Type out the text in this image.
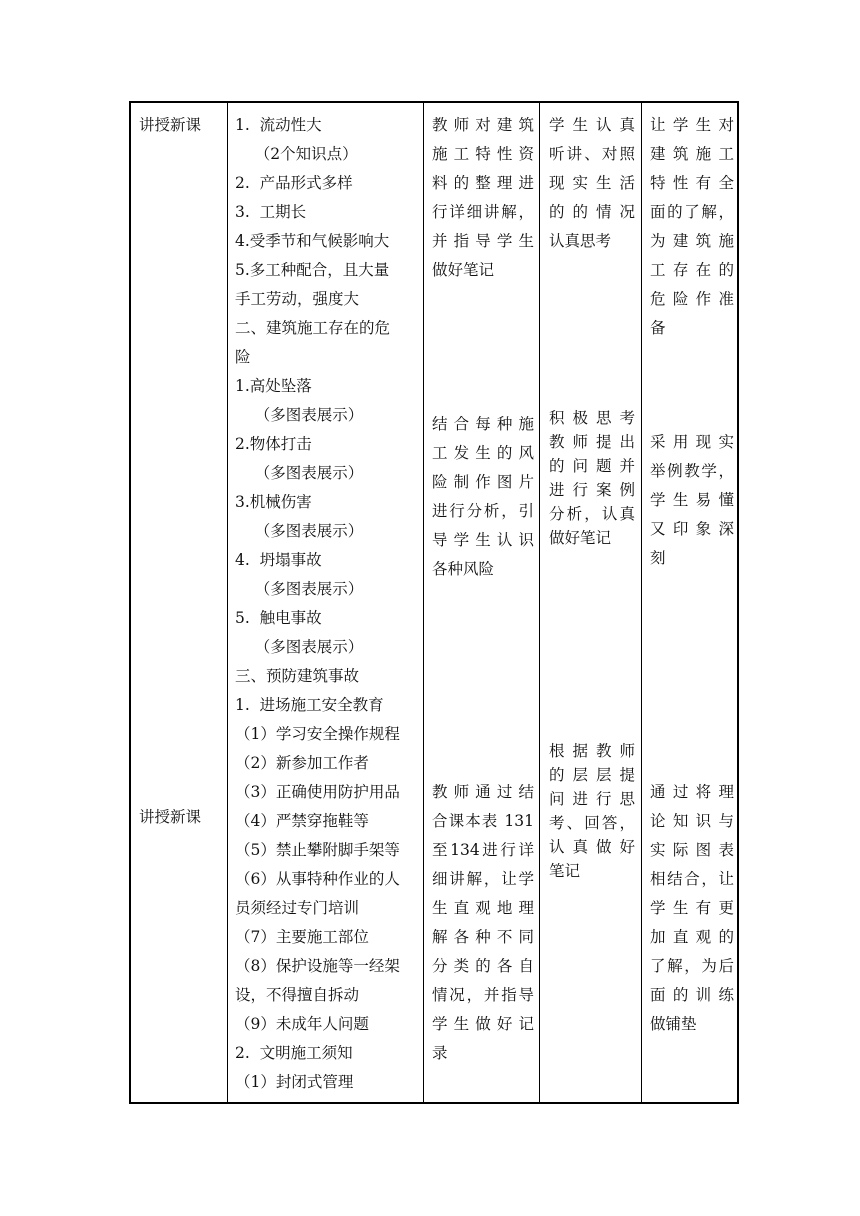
讲授新课

讲授新课

1.  流动性大

（2个知识点）

2.  产品形式多样

3.  工期长

4.受季节和气候影响大

5.多工种配合，且大量

手工劳动，强度大

二、建筑施工存在的危

险

1.高处坠落

（多图表展示）

2.物体打击

（多图表展示）

3.机械伤害

（多图表展示）

4.  坍塌事故

（多图表展示）

5.  触电事故

（多图表展示）

三、预防建筑事故

1.  进场施工安全教育

（1）学习安全操作规程

（2）新参加工作者

（3）正确使用防护用品

（4）严禁穿拖鞋等

（5）禁止攀附脚手架等

（6）从事特种作业的人

员须经过专门培训

（7）主要施工部位

（8）保护设施等一经架

设，不得擅自拆动

（9）未成年人问题

2.  文明施工须知

（1）封闭式管理

教师对建筑

施工特性资

料的整理进

行详细讲解，

并指导学生

做好笔记

结合每种施

工发生的风

险制作图片

进行分析，引

导学生认识

各种风险

教师通过结

合课本表 131

至134进行详

细讲解，让学

生直观地理

解各种不同

分类的各自

情况，并指导

学生做好记

录

学生认真

听讲、对照

现实生活

的的情况

认真思考

积极思考

教师提出

的问题并

进行案例

分析，认真

做好笔记

根据教师

的层层提

问进行思

考、回答，

认真做好

笔记

让学生对

建筑施工

特性有全

面的了解，

为建筑施

工存在的

危险作准

备

采用现实

举例教学，

学生易懂

又印象深

刻

通过将理

论知识与

实际图表

相结合，让

学生有更

加直观的

了解，为后

面的训练

做铺垫
